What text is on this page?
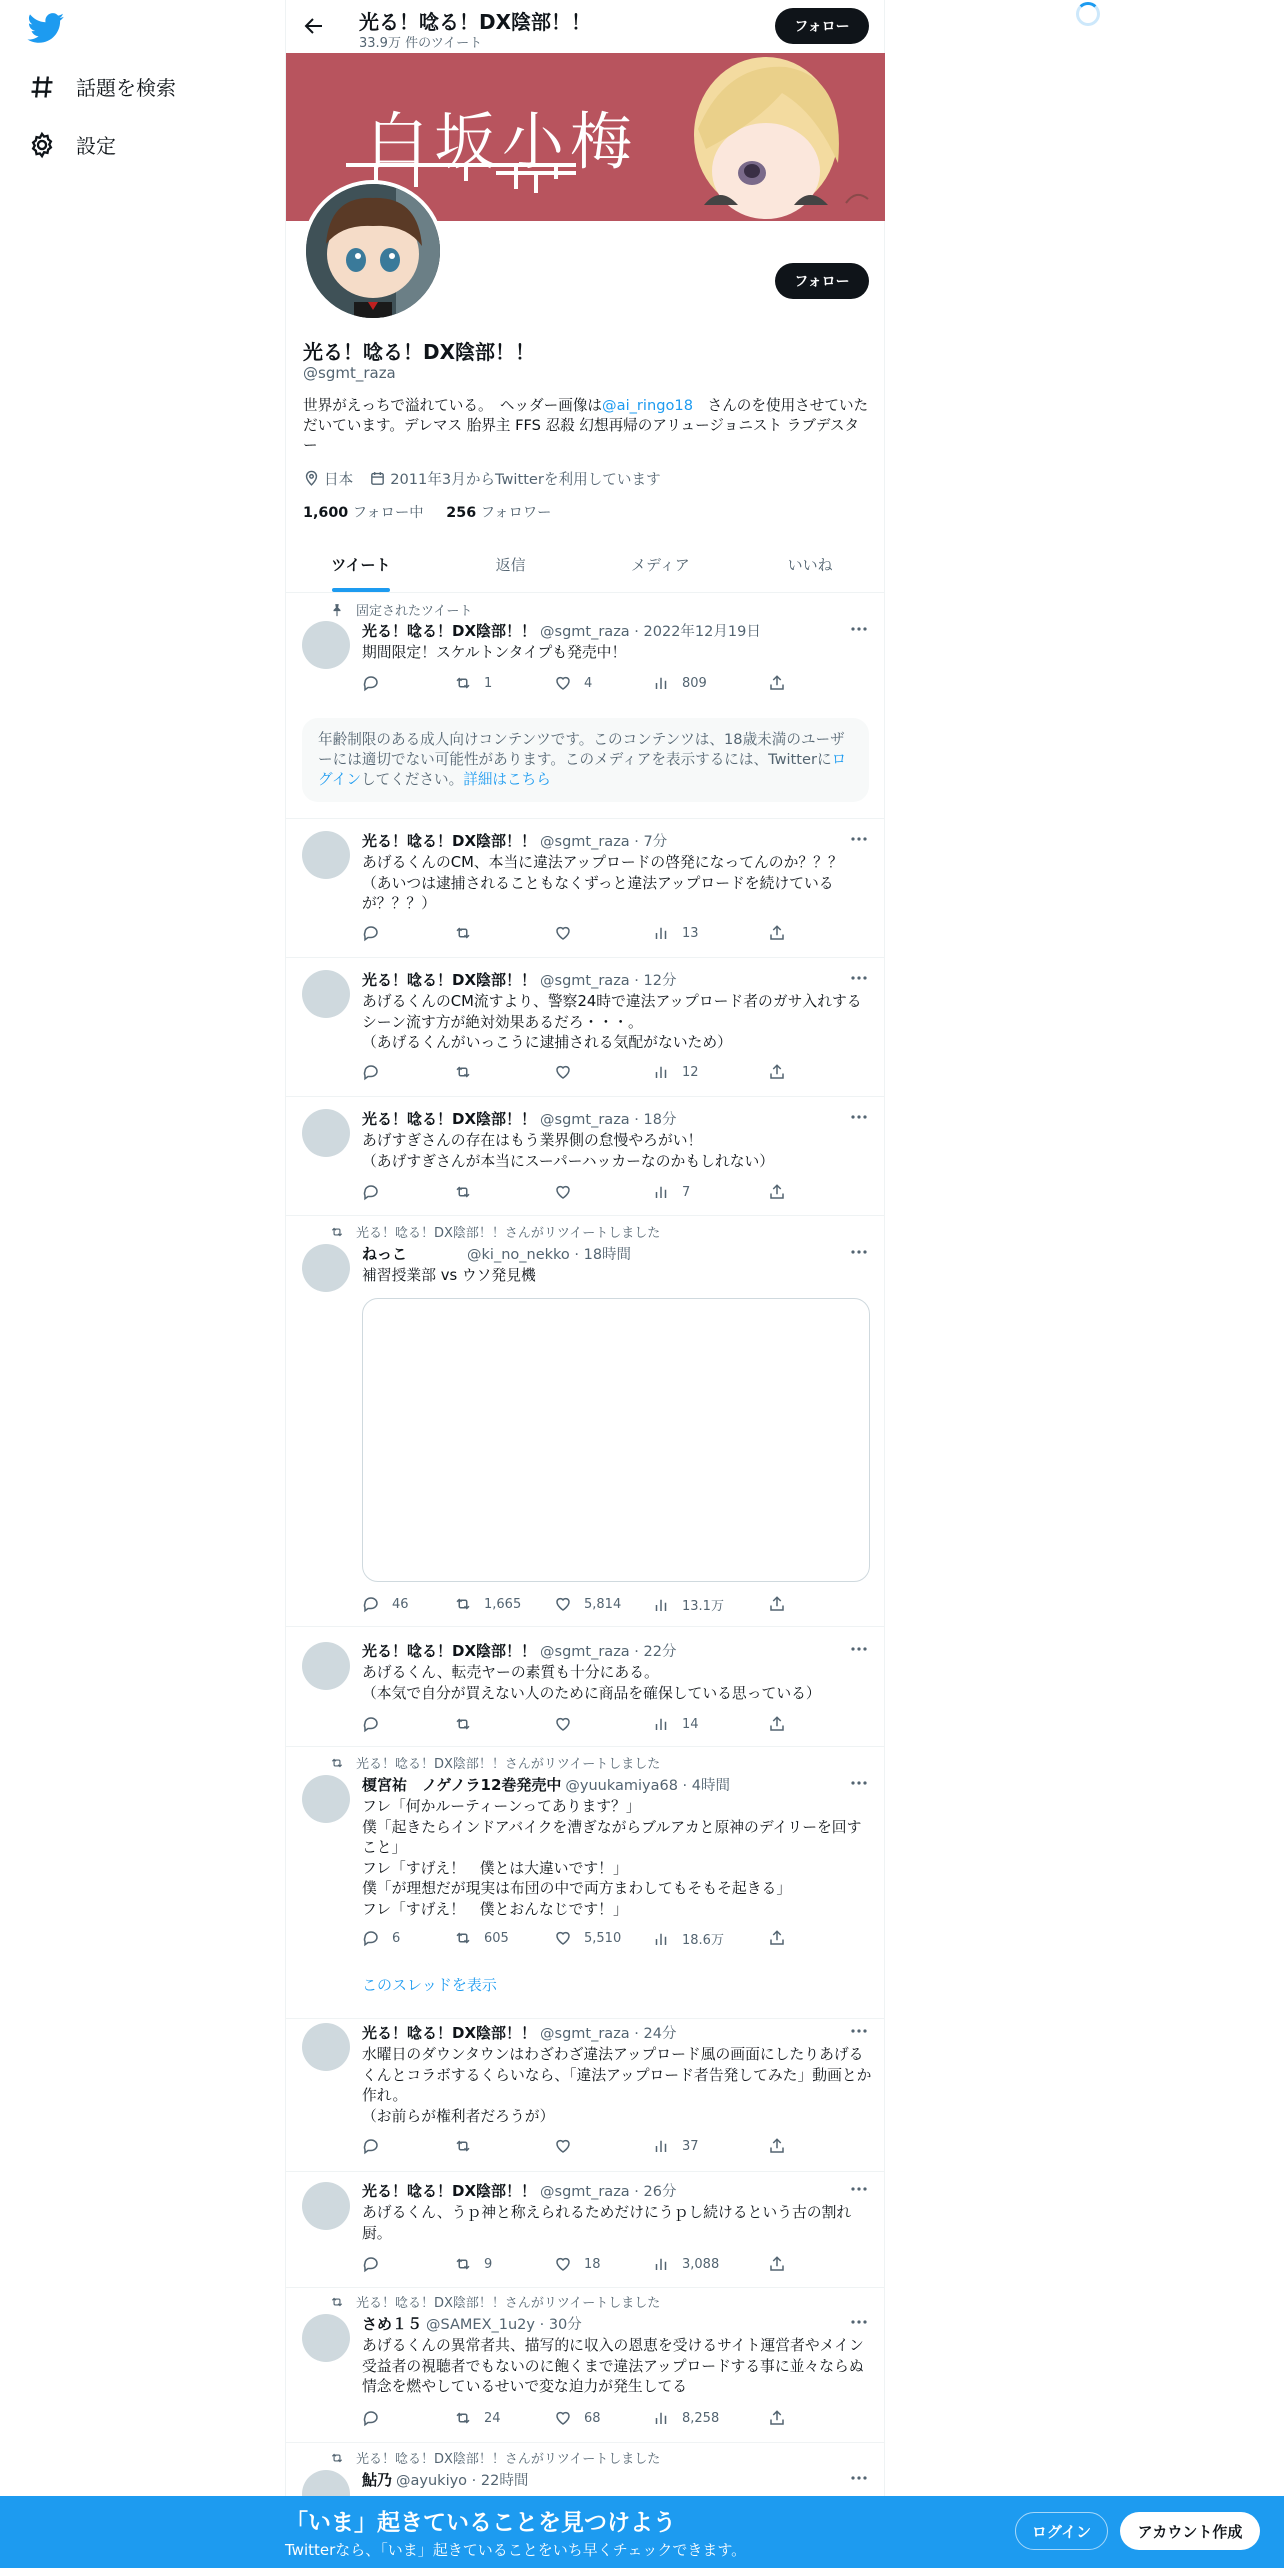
話題を検索
設定
光る！唸る！DX陰部！！
33.9万 件のツイート
フォロー
白坂小梅
フォロー
光る！唸る！DX陰部！！
@sgmt_raza
世界がえっちで溢れている。　ヘッダー画像は@ai_ringo18　さんのを使用させていただいています。デレマス 胎界主 FFS 忍殺 幻想再帰のアリュージョニスト ラブデスター
日本	2011年3月からTwitterを利用しています
1,600 フォロー中 256 フォロワー
ツイート	返信	メディア	いいね
固定されたツイート
光る！唸る！DX陰部！！ @sgmt_raza · 2022年12月19日
期間限定！スケルトンタイプも発売中！
1	4	809
年齢制限のある成人向けコンテンツです。このコンテンツは、18歳未満のユーザーには適切でない可能性があります。このメディアを表示するには、Twitterにログインしてください。詳細はこちら
光る！唸る！DX陰部！！ @sgmt_raza · 7分
あげるくんのCM、本当に違法アップロードの啓発になってんのか？？？
（あいつは逮捕されることもなくずっと違法アップロードを続けているが？？？）
13
光る！唸る！DX陰部！！ @sgmt_raza · 12分
あげるくんのCM流すより、警察24時で違法アップロード者のガサ入れするシーン流す方が絶対効果あるだろ・・・。
（あげるくんがいっこうに逮捕される気配がないため）
12
光る！唸る！DX陰部！！ @sgmt_raza · 18分
あげすぎさんの存在はもう業界側の怠慢やろがい！
（あげすぎさんが本当にスーパーハッカーなのかもしれない）
7
光る！唸る！DX陰部！！さんがリツイートしました
ねっこ	@ki_no_nekko · 18時間
補習授業部 vs ウソ発見機
46	1,665	5,814	13.1万
光る！唸る！DX陰部！！ @sgmt_raza · 22分
あげるくん、転売ヤーの素質も十分にある。
（本気で自分が買えない人のために商品を確保している思っている）
14
光る！唸る！DX陰部！！さんがリツイートしました
榎宮祐　ノゲノラ12巻発売中 @yuukamiya68 · 4時間
フレ「何かルーティーンってあります？」
僕「起きたらインドアバイクを漕ぎながらブルアカと原神のデイリーを回すこと」
フレ「すげえ！　僕とは大違いです！」
僕「が理想だが現実は布団の中で両方まわしてもそもそ起きる」
フレ「すげえ！　僕とおんなじです！」
6	605	5,510	18.6万
このスレッドを表示
光る！唸る！DX陰部！！ @sgmt_raza · 24分
水曜日のダウンタウンはわざわざ違法アップロード風の画面にしたりあげるくんとコラボするくらいなら、「違法アップロード者告発してみた」動画とか作れ。
（お前らが権利者だろうが）
37
光る！唸る！DX陰部！！ @sgmt_raza · 26分
あげるくん、うｐ神と称えられるためだけにうｐし続けるという古の割れ厨。
9	18	3,088
光る！唸る！DX陰部！！さんがリツイートしました
さめ１５ @SAMEX_1u2y · 30分
あげるくんの異常者共、描写的に収入の恩恵を受けるサイト運営者やメイン受益者の視聴者でもないのに飽くまで違法アップロードする事に並々ならぬ情念を燃やしているせいで変な迫力が発生してる
24	68	8,258
光る！唸る！DX陰部！！さんがリツイートしました
鮎乃 @ayukiyo · 22時間
「いま」起きていることを見つけよう
Twitterなら、「いま」起きていることをいち早くチェックできます。
ログイン	アカウント作成
